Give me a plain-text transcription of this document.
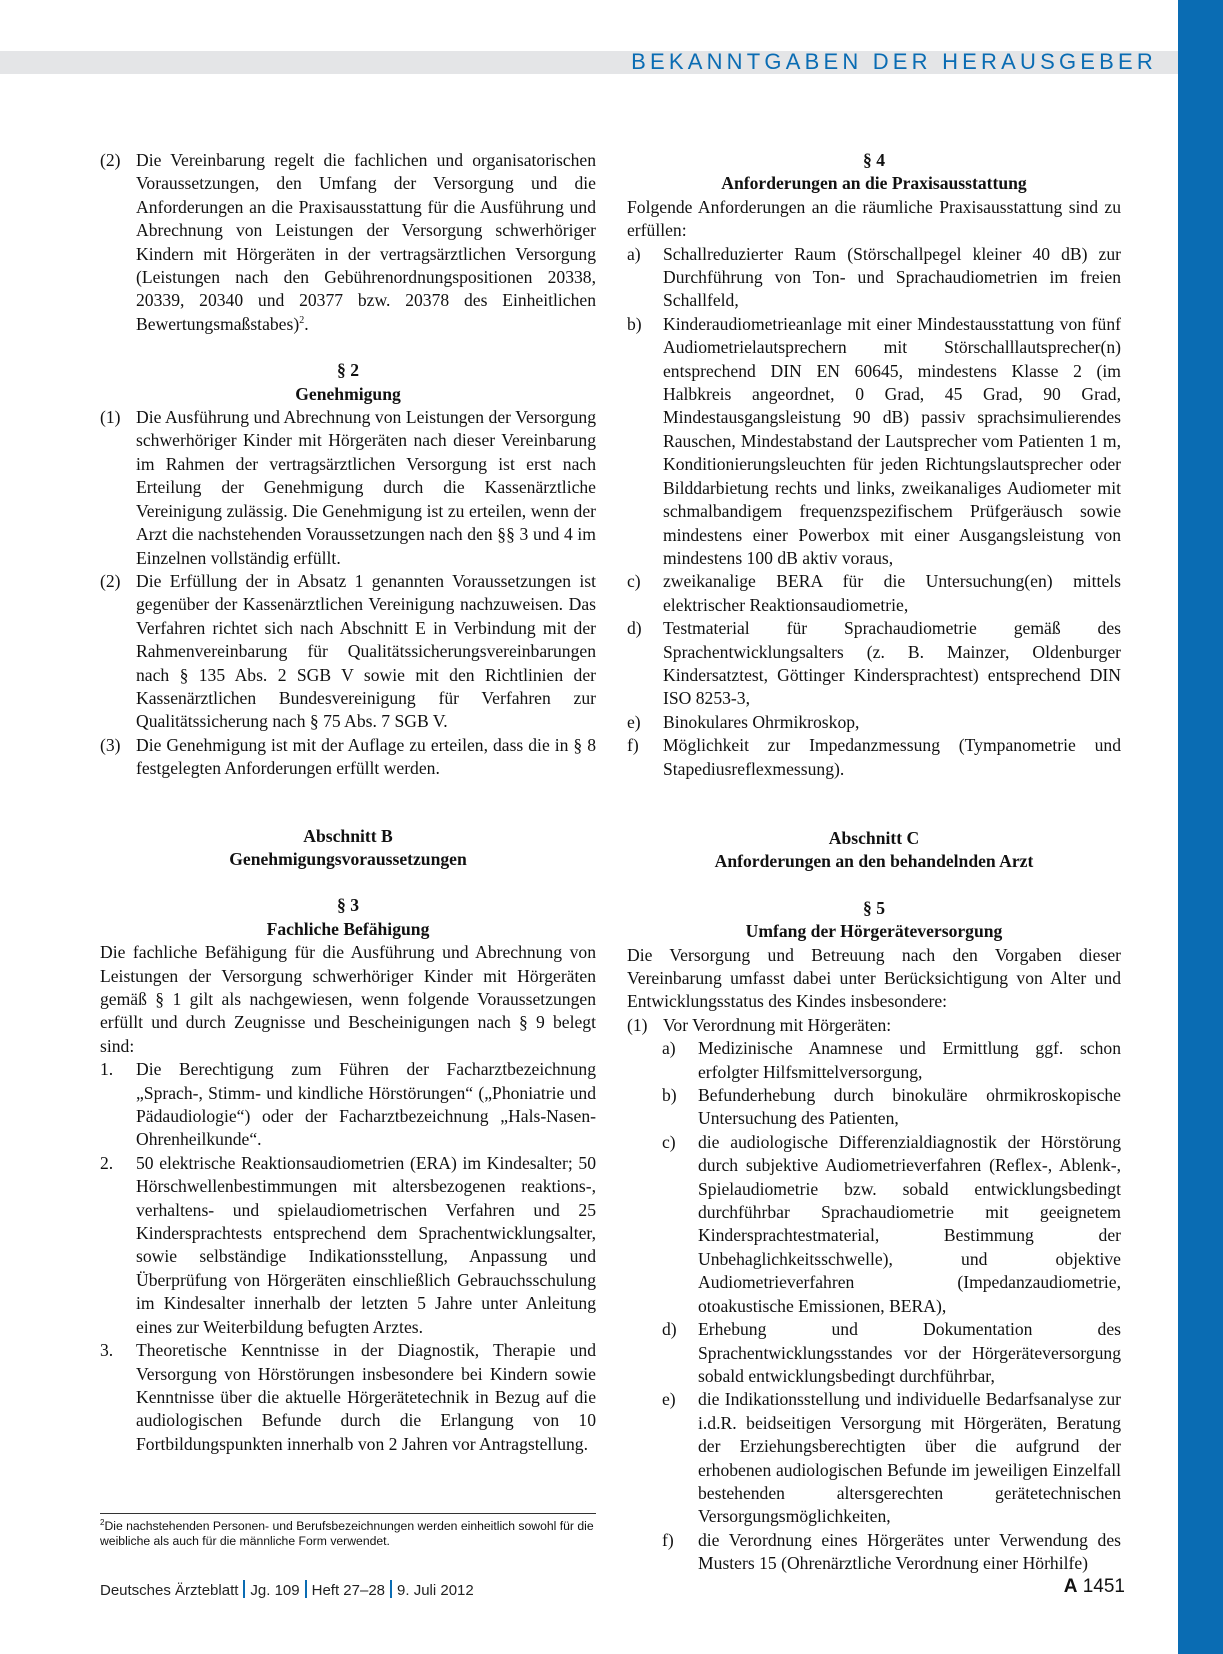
BEKANNTGABEN DER HERAUSGEBER
(2) Die Vereinbarung regelt die fachlichen und organisatorischen Voraussetzungen, den Umfang der Versorgung und die Anforderungen an die Praxisausstattung für die Ausführung und Abrechnung von Leistungen der Versorgung schwerhöriger Kindern mit Hörgeräten in der vertragsärztlichen Versorgung (Leistungen nach den Gebührenordnungspositionen 20338, 20339, 20340 und 20377 bzw. 20378 des Einheitlichen Bewertungsmaßstabes)$^2$.

§ 2

Genehmigung

(1) Die Ausführung und Abrechnung von Leistungen der Versorgung schwerhöriger Kinder mit Hörgeräten nach dieser Vereinbarung im Rahmen der vertragsärztlichen Versorgung ist erst nach Erteilung der Genehmigung durch die Kassenärztliche Vereinigung zulässig. Die Genehmigung ist zu erteilen, wenn der Arzt die nachstehenden Voraussetzungen nach den §§ 3 und 4 im Einzelnen vollständig erfüllt.
(2) Die Erfüllung der in Absatz 1 genannten Voraussetzungen ist gegenüber der Kassenärztlichen Vereinigung nachzuweisen. Das Verfahren richtet sich nach Abschnitt E in Verbindung mit der Rahmenvereinbarung für Qualitätssicherungsvereinbarungen nach § 135 Abs. 2 SGB V sowie mit den Richtlinien der Kassenärztlichen Bundesvereinigung für Verfahren zur Qualitätssicherung nach § 75 Abs. 7 SGB V.
(3) Die Genehmigung ist mit der Auflage zu erteilen, dass die in § 8 festgelegten Anforderungen erfüllt werden.

Abschnitt B

Genehmigungsvoraussetzungen

§ 3

Fachliche Befähigung

Die fachliche Befähigung für die Ausführung und Abrechnung von Leistungen der Versorgung schwerhöriger Kinder mit Hörgeräten gemäß § 1 gilt als nachgewiesen, wenn folgende Voraussetzungen erfüllt und durch Zeugnisse und Bescheinigungen nach § 9 belegt sind:

1. Die Berechtigung zum Führen der Facharztbezeichnung „Sprach-, Stimm- und kindliche Hörstörungen“ („Phoniatrie und Pädaudiologie“) oder der Facharztbezeichnung „Hals-Nasen-Ohrenheilkunde“.
2. 50 elektrische Reaktionsaudiometrien (ERA) im Kindesalter; 50 Hörschwellenbestimmungen mit altersbezogenen reaktions-, verhaltens- und spielaudiometrischen Verfahren und 25 Kindersprachtests entsprechend dem Sprachentwicklungsalter, sowie selbständige Indikationsstellung, Anpassung und Überprüfung von Hörgeräten einschließlich Gebrauchsschulung im Kindesalter innerhalb der letzten 5 Jahre unter Anleitung eines zur Weiterbildung befugten Arztes.
3. Theoretische Kenntnisse in der Diagnostik, Therapie und Versorgung von Hörstörungen insbesondere bei Kindern sowie Kenntnisse über die aktuelle Hörgerätetechnik in Bezug auf die audiologischen Befunde durch die Erlangung von 10 Fortbildungspunkten innerhalb von 2 Jahren vor Antragstellung.
$^2$Die nachstehenden Personen- und Berufsbezeichnungen werden einheitlich sowohl für die weibliche als auch für die männliche Form verwendet.

§ 4

Anforderungen an die Praxisausstattung

Folgende Anforderungen an die räumliche Praxisausstattung sind zu erfüllen:

a) Schallreduzierter Raum (Störschallpegel kleiner 40 dB) zur Durchführung von Ton- und Sprachaudiometrien im freien Schallfeld,
b) Kinderaudiometrieanlage mit einer Mindestausstattung von fünf Audiometrielautsprechern mit Störschalllautsprecher(n) entsprechend DIN EN 60645, mindestens Klasse 2 (im Halbkreis angeordnet, 0 Grad, 45 Grad, 90 Grad, Mindestausgangsleistung 90 dB) passiv sprachsimulierendes Rauschen, Mindestabstand der Lautsprecher vom Patienten 1 m, Konditionierungsleuchten für jeden Richtungslautsprecher oder Bilddarbietung rechts und links, zweikanaliges Audiometer mit schmalbandigem frequenzspezifischem Prüfgeräusch sowie mindestens einer Powerbox mit einer Ausgangsleistung von mindestens 100 dB aktiv voraus,
c) zweikanalige BERA für die Untersuchung(en) mittels elektrischer Reaktionsaudiometrie,
d) Testmaterial für Sprachaudiometrie gemäß des Sprachentwicklungsalters (z. B. Mainzer, Oldenburger Kindersatztest, Göttinger Kindersprachtest) entsprechend DIN ISO 8253-3,
e) Binokulares Ohrmikroskop,
f) Möglichkeit zur Impedanzmessung (Tympanometrie und Stapediusreflexmessung).

Abschnitt C

Anforderungen an den behandelnden Arzt

§ 5

Umfang der Hörgeräteversorgung

Die Versorgung und Betreuung nach den Vorgaben dieser Vereinbarung umfasst dabei unter Berücksichtigung von Alter und Entwicklungsstatus des Kindes insbesondere:

(1) Vor Verordnung mit Hörgeräten:
a) Medizinische Anamnese und Ermittlung ggf. schon erfolgter Hilfsmittelversorgung,
b) Befunderhebung durch binokuläre ohrmikroskopische Untersuchung des Patienten,
c) die audiologische Differenzialdiagnostik der Hörstörung durch subjektive Audiometrieverfahren (Reflex-, Ablenk-, Spielaudiometrie bzw. sobald entwicklungsbedingt durchführbar Sprachaudiometrie mit geeignetem Kindersprachtestmaterial, Bestimmung der Unbehaglichkeitsschwelle), und objektive Audiometrieverfahren (Impedanzaudiometrie, otoakustische Emissionen, BERA),
d) Erhebung und Dokumentation des Sprachentwicklungsstandes vor der Hörgeräteversorgung sobald entwicklungsbedingt durchführbar,
e) die Indikationsstellung und individuelle Bedarfsanalyse zur i.d.R. beidseitigen Versorgung mit Hörgeräten, Beratung der Erziehungsberechtigten über die aufgrund der erhobenen audiologischen Befunde im jeweiligen Einzelfall bestehenden altersgerechten gerätetechnischen Versorgungsmöglichkeiten,
f) die Verordnung eines Hörgerätes unter Verwendung des Musters 15 (Ohrenärztliche Verordnung einer Hörhilfe)
Deutsches Ärzteblatt Jg. 109 Heft 27–28 9. Juli 2012	A 1451
